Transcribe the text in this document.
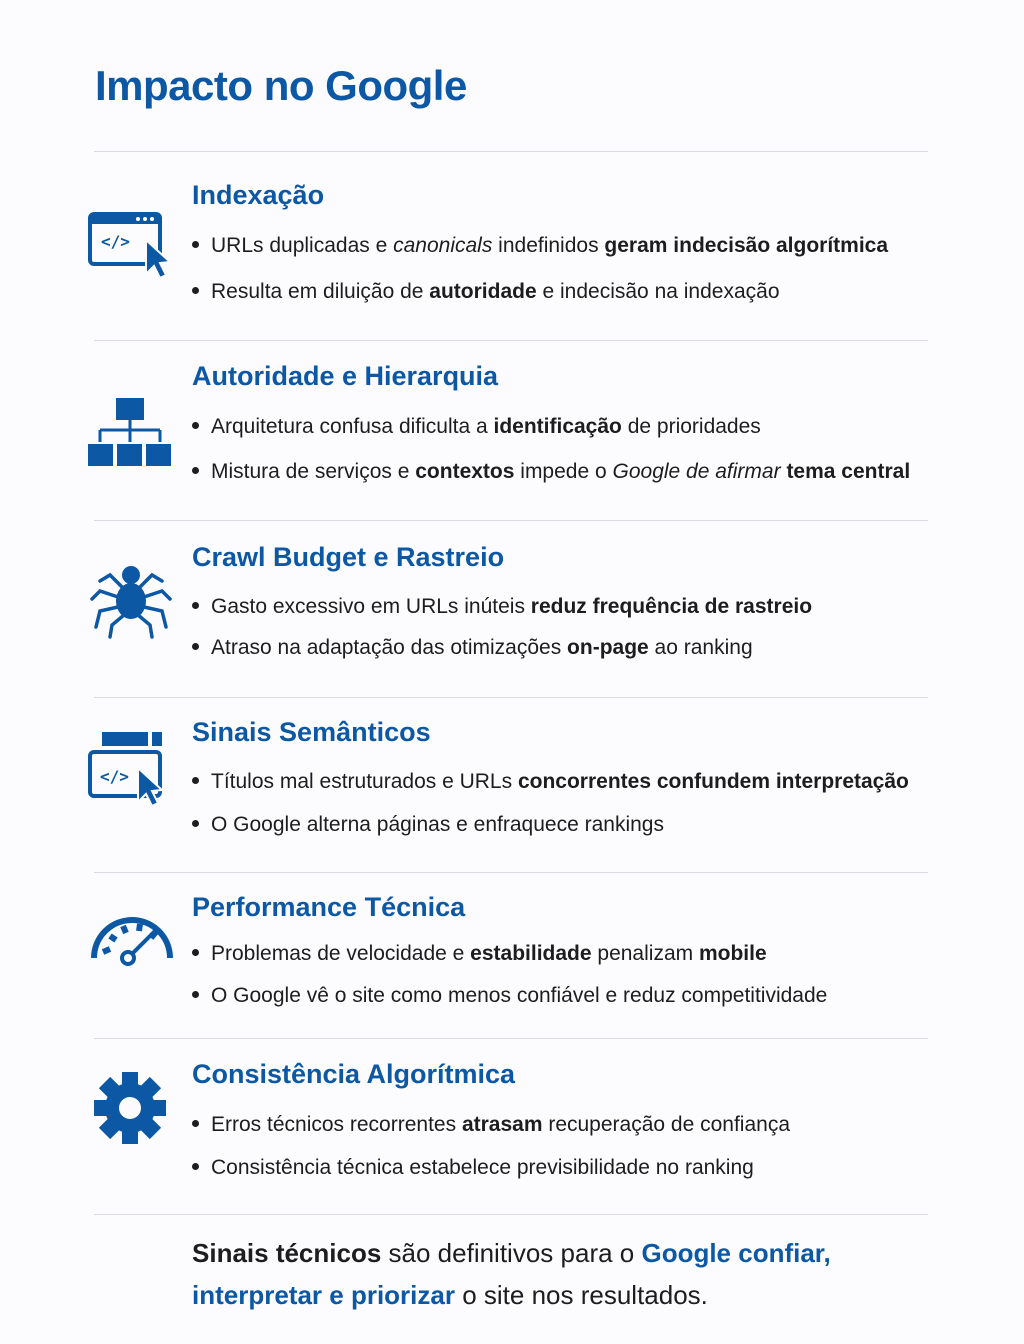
Impacto no Google
</>
Indexação
URLs duplicadas e canonicals indefinidos geram indecisão algorítmica
Resulta em diluição de autoridade e indecisão na indexação
Autoridade e Hierarquia
Arquitetura confusa dificulta a identificação de prioridades
Mistura de serviços e contextos impede o Google de afirmar tema central
Crawl Budget e Rastreio
Gasto excessivo em URLs inúteis reduz frequência de rastreio
Atraso na adaptação das otimizações on-page ao ranking
</>
Sinais Semânticos
Títulos mal estruturados e URLs concorrentes confundem interpretação
O Google alterna páginas e enfraquece rankings
Performance Técnica
Problemas de velocidade e estabilidade penalizam mobile
O Google vê o site como menos confiável e reduz competitividade
Consistência Algorítmica
Erros técnicos recorrentes atrasam recuperação de confiança
Consistência técnica estabelece previsibilidade no ranking

Sinais técnicos são definitivos para o Google confiar,
interpretar e priorizar o site nos resultados.
